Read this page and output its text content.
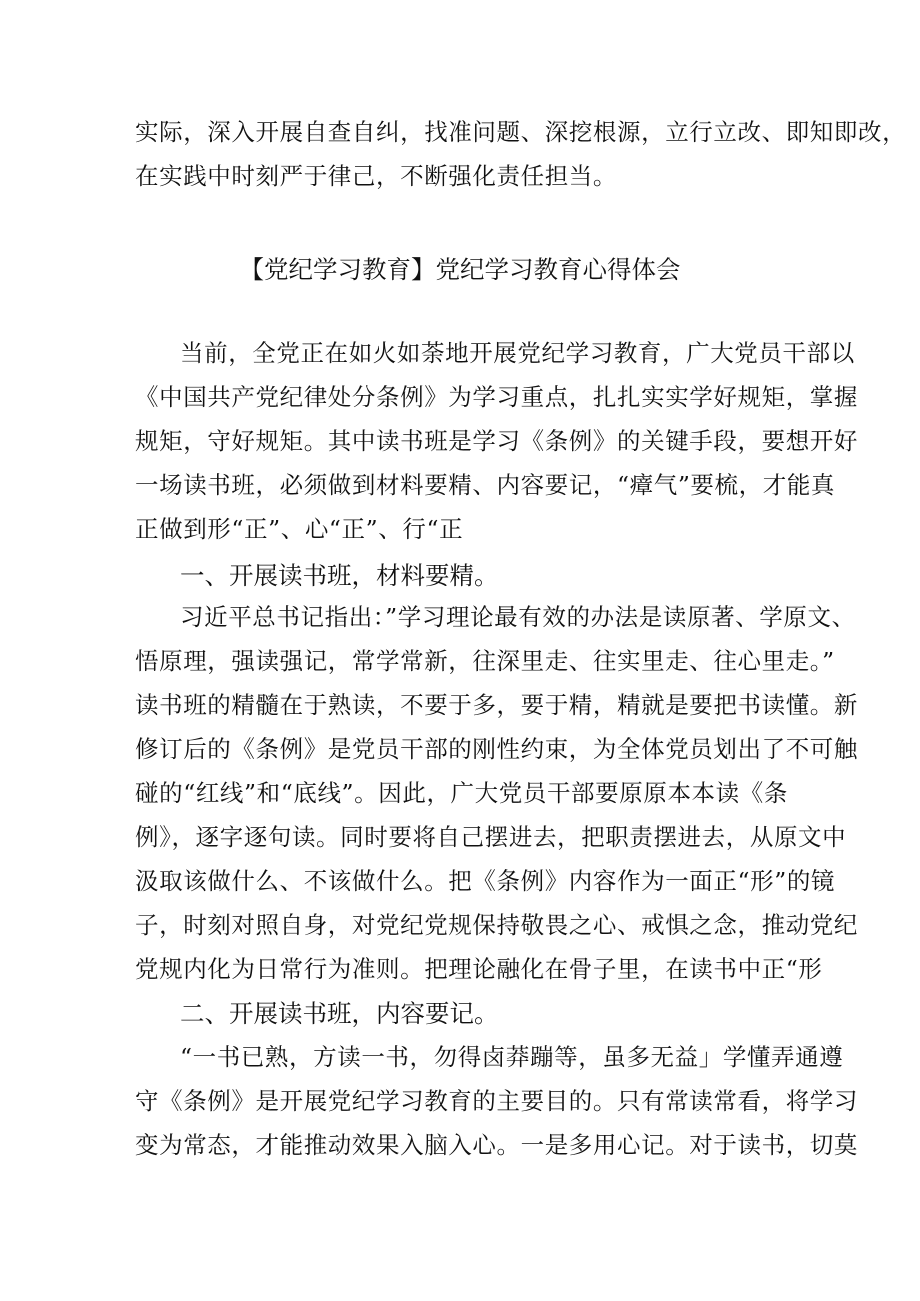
实际，深入开展自查自纠，找准问题、深挖根源，立行立改、即知即改，
在实践中时刻严于律己，不断强化责任担当。
【党纪学习教育】党纪学习教育心得体会
当前，全党正在如火如荼地开展党纪学习教育，广大党员干部以
《中国共产党纪律处分条例》为学习重点，扎扎实实学好规矩，掌握
规矩，守好规矩。其中读书班是学习《条例》的关键手段，要想开好
一场读书班，必须做到材料要精、内容要记，“瘴气”要梳，才能真
正做到形“正”、心“正”、行“正
一、开展读书班，材料要精。
习近平总书记指出：”学习理论最有效的办法是读原著、学原文、
悟原理，强读强记，常学常新，往深里走、往实里走、往心里走。”
读书班的精髓在于熟读，不要于多，要于精，精就是要把书读懂。新
修订后的《条例》是党员干部的刚性约束，为全体党员划出了不可触
碰的“红线”和“底线”。因此，广大党员干部要原原本本读《条
例》，逐字逐句读。同时要将自己摆进去，把职责摆进去，从原文中
汲取该做什么、不该做什么。把《条例》内容作为一面正“形”的镜
子，时刻对照自身，对党纪党规保持敬畏之心、戒惧之念，推动党纪
党规内化为日常行为准则。把理论融化在骨子里，在读书中正“形
二、开展读书班，内容要记。
“一书已熟，方读一书，勿得卤莽蹦等，虽多无益」学懂弄通遵
守《条例》是开展党纪学习教育的主要目的。只有常读常看，将学习
变为常态，才能推动效果入脑入心。一是多用心记。对于读书，切莫
